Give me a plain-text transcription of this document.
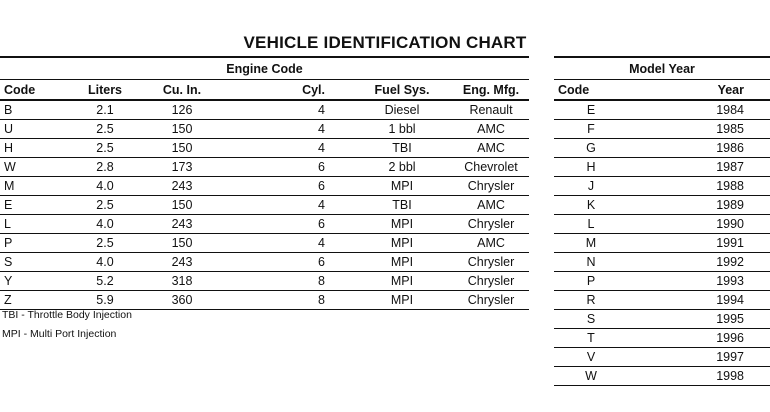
VEHICLE IDENTIFICATION CHART
Engine Code					
Code	Liters	Cu. In.	Cyl.	Fuel Sys.	Eng. Mfg.
B	2.1	126	4	Diesel	Renault
U	2.5	150	4	1 bbl	AMC
H	2.5	150	4	TBI	AMC
W	2.8	173	6	2 bbl	Chevrolet
M	4.0	243	6	MPI	Chrysler
E	2.5	150	4	TBI	AMC
L	4.0	243	6	MPI	Chrysler
P	2.5	150	4	MPI	AMC
S	4.0	243	6	MPI	Chrysler
Y	5.2	318	8	MPI	Chrysler
Z	5.9	360	8	MPI	Chrysler
Model Year	
Code	Year
E	1984
F	1985
G	1986
H	1987
J	1988
K	1989
L	1990
M	1991
N	1992
P	1993
R	1994
S	1995
T	1996
V	1997
W	1998
TBI - Throttle Body Injection
MPI - Multi Port Injection
